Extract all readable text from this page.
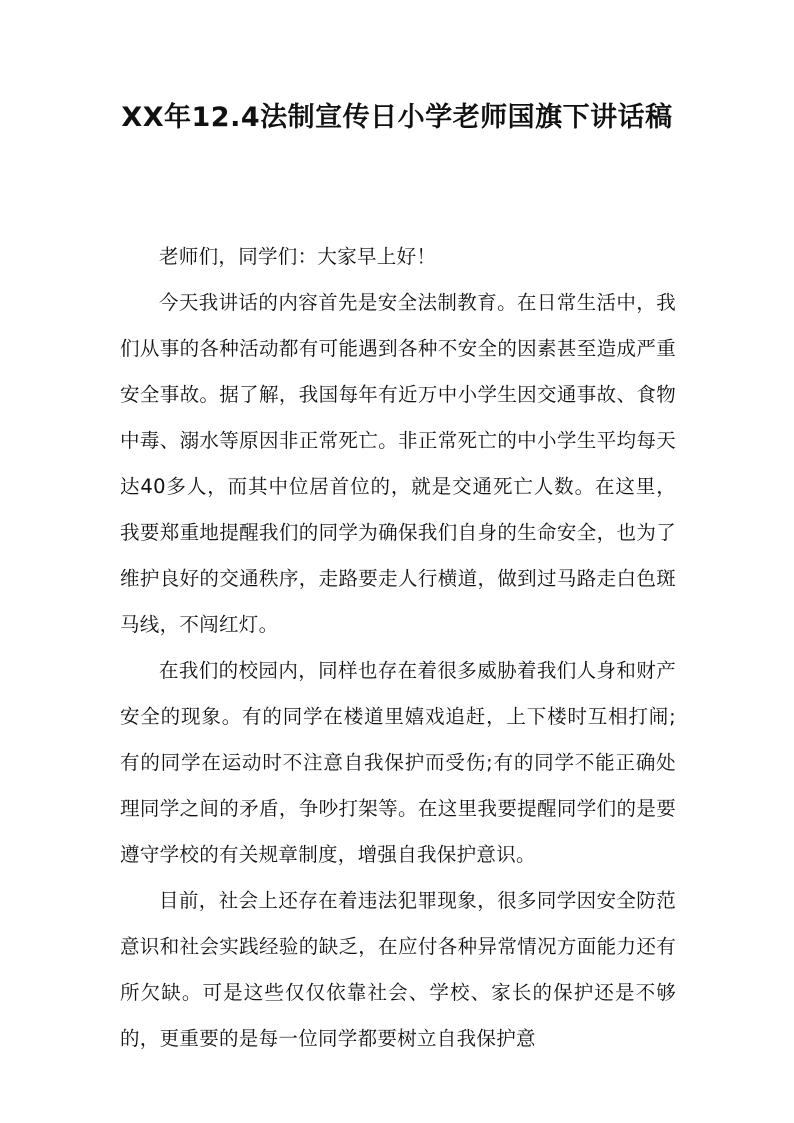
XX年12.4法制宣传日小学老师国旗下讲话稿

老师们，同学们：大家早上好！

今天我讲话的内容首先是安全法制教育。在日常生活中，我们从事的各种活动都有可能遇到各种不安全的因素甚至造成严重安全事故。据了解，我国每年有近万中小学生因交通事故、食物中毒、溺水等原因非正常死亡。非正常死亡的中小学生平均每天达40多人，而其中位居首位的，就是交通死亡人数。在这里，我要郑重地提醒我们的同学为确保我们自身的生命安全，也为了维护良好的交通秩序，走路要走人行横道，做到过马路走白色斑马线，不闯红灯。

在我们的校园内，同样也存在着很多威胁着我们人身和财产安全的现象。有的同学在楼道里嬉戏追赶，上下楼时互相打闹;有的同学在运动时不注意自我保护而受伤;有的同学不能正确处理同学之间的矛盾，争吵打架等。在这里我要提醒同学们的是要遵守学校的有关规章制度，增强自我保护意识。

目前，社会上还存在着违法犯罪现象，很多同学因安全防范意识和社会实践经验的缺乏，在应付各种异常情况方面能力还有所欠缺。可是这些仅仅依靠社会、学校、家长的保护还是不够的，更重要的是每一位同学都要树立自我保护意
